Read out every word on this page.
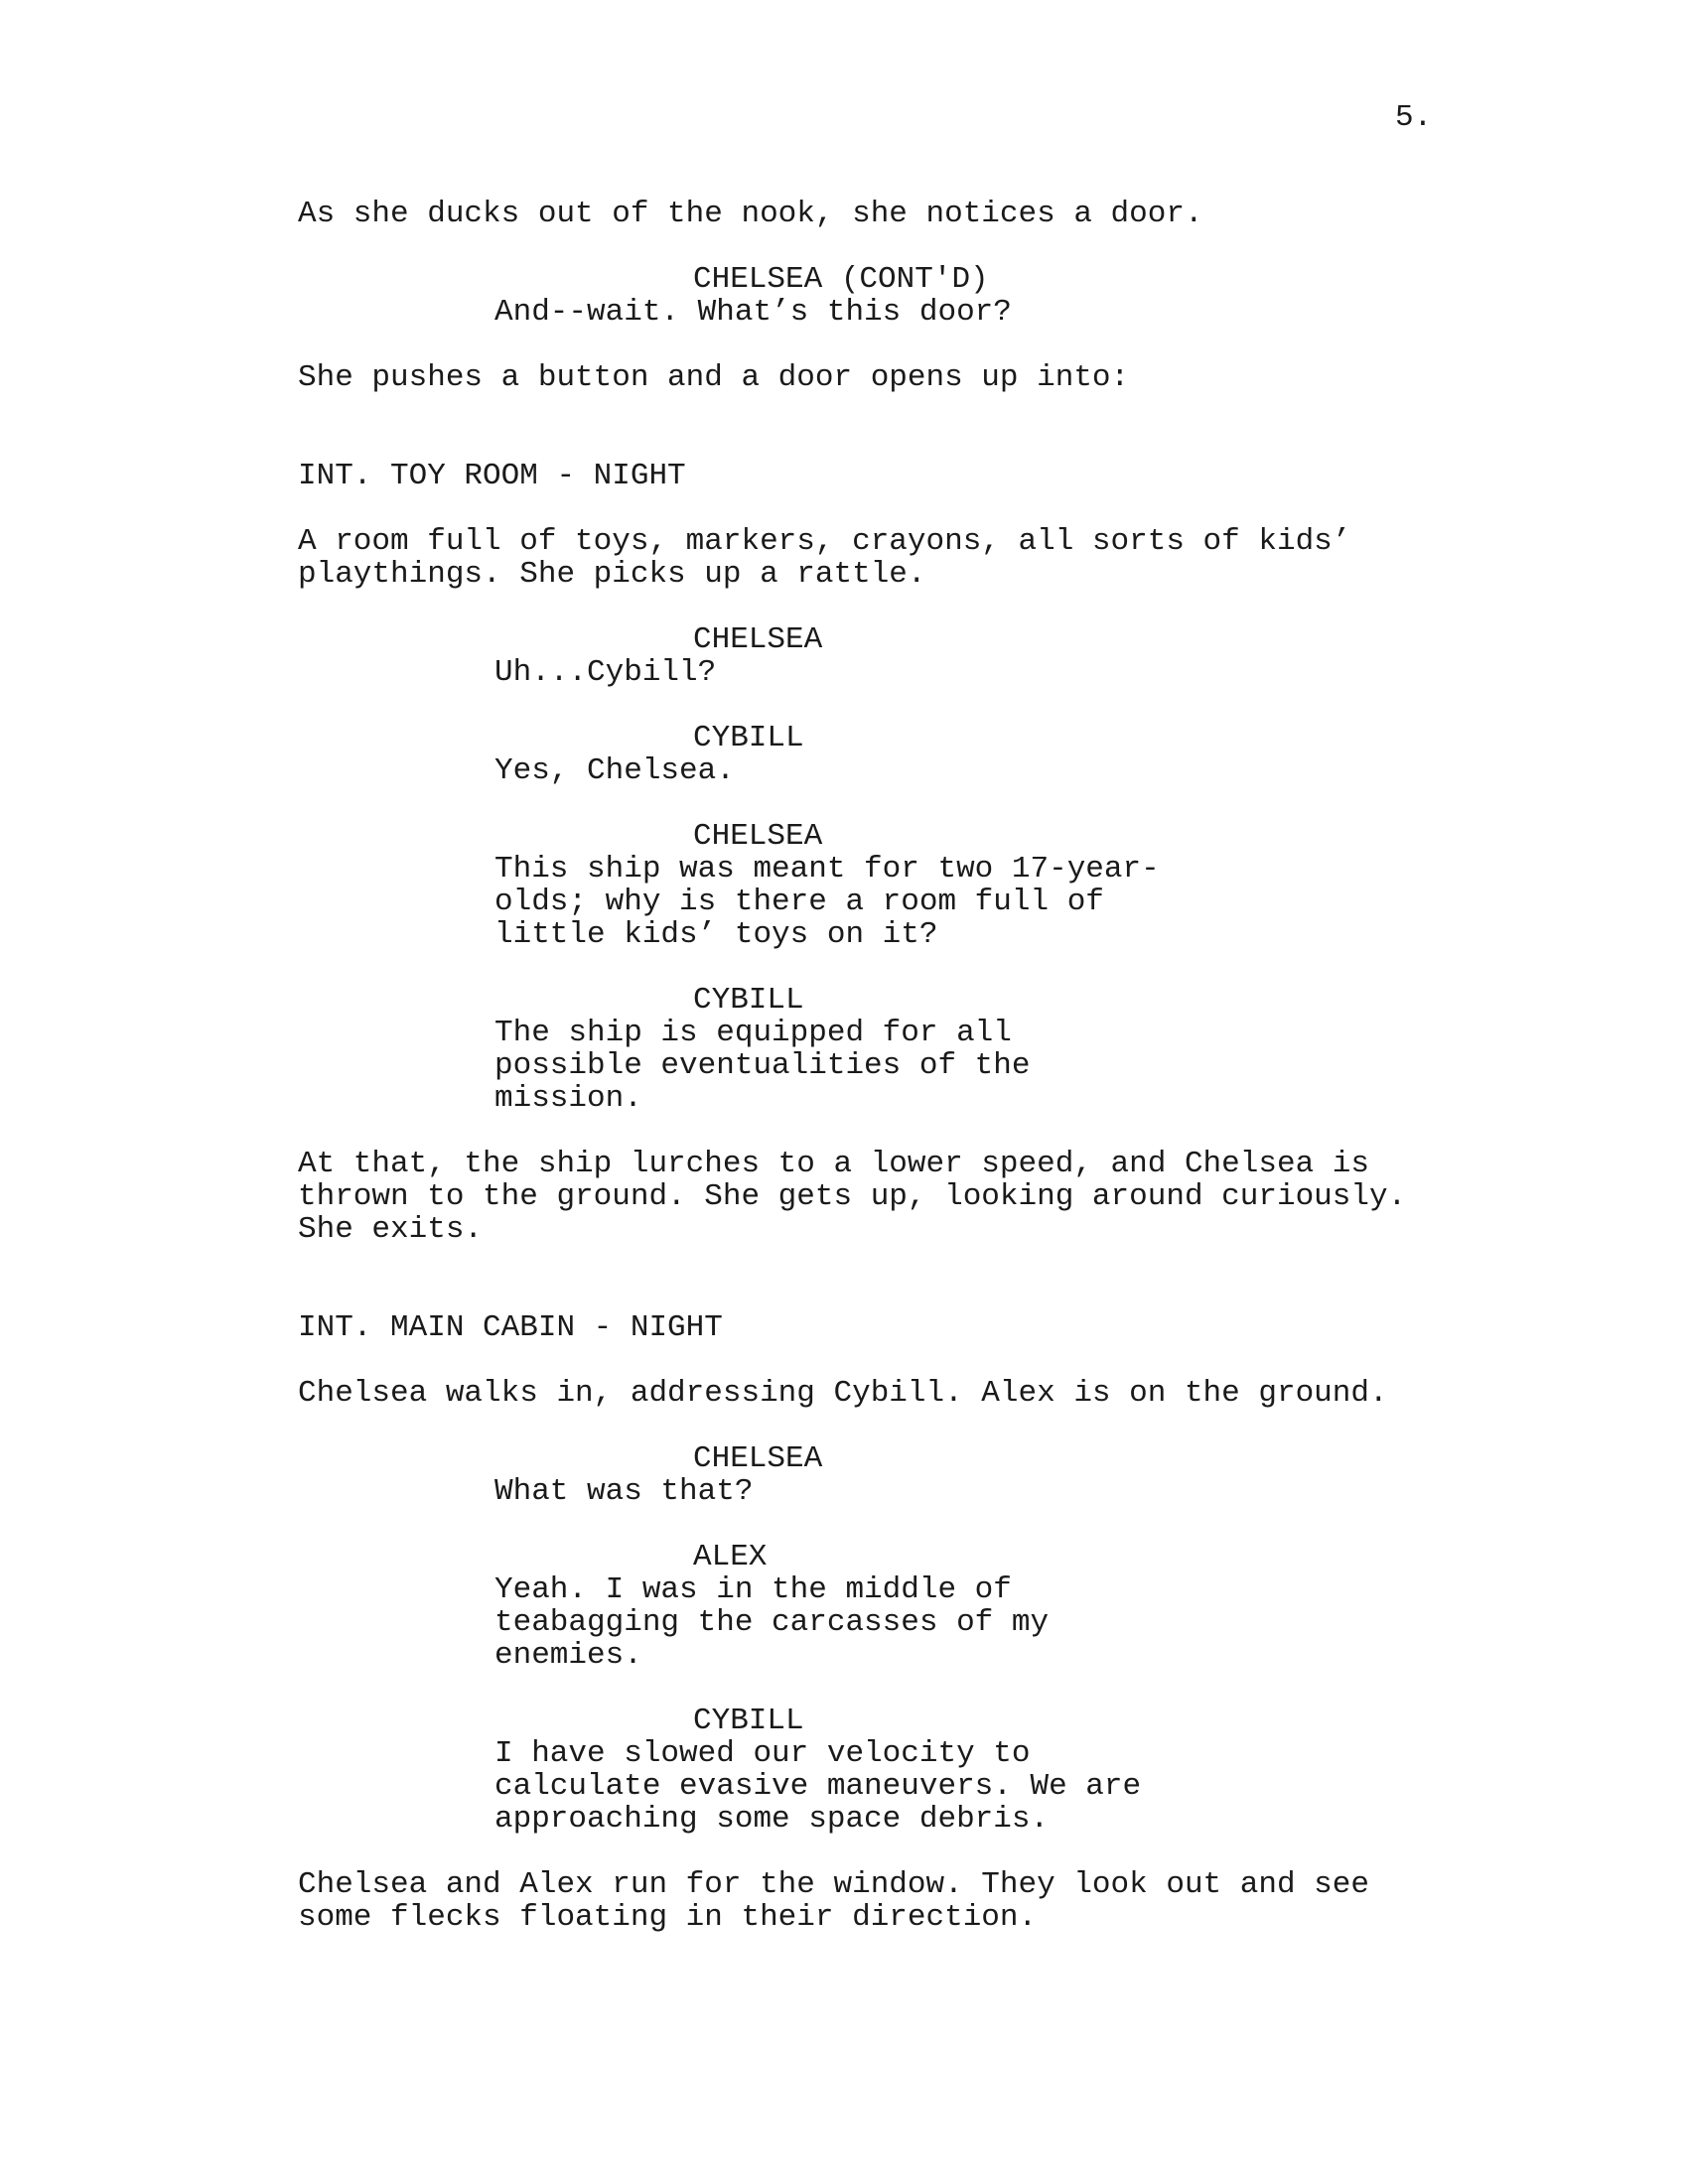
5.

As she ducks out of the nook, she notices a door.

CHELSEA (CONT'D)

And--wait. What’s this door?

She pushes a button and a door opens up into:

INT. TOY ROOM - NIGHT

A room full of toys, markers, crayons, all sorts of kids’

playthings. She picks up a rattle.

CHELSEA

Uh...Cybill?

CYBILL

Yes, Chelsea.

CHELSEA

This ship was meant for two 17-year-

olds; why is there a room full of

little kids’ toys on it?

CYBILL

The ship is equipped for all

possible eventualities of the

mission.

At that, the ship lurches to a lower speed, and Chelsea is

thrown to the ground. She gets up, looking around curiously.

She exits.

INT. MAIN CABIN - NIGHT

Chelsea walks in, addressing Cybill. Alex is on the ground.

CHELSEA

What was that?

ALEX

Yeah. I was in the middle of

teabagging the carcasses of my

enemies.

CYBILL

I have slowed our velocity to

calculate evasive maneuvers. We are

approaching some space debris.

Chelsea and Alex run for the window. They look out and see

some flecks floating in their direction.
